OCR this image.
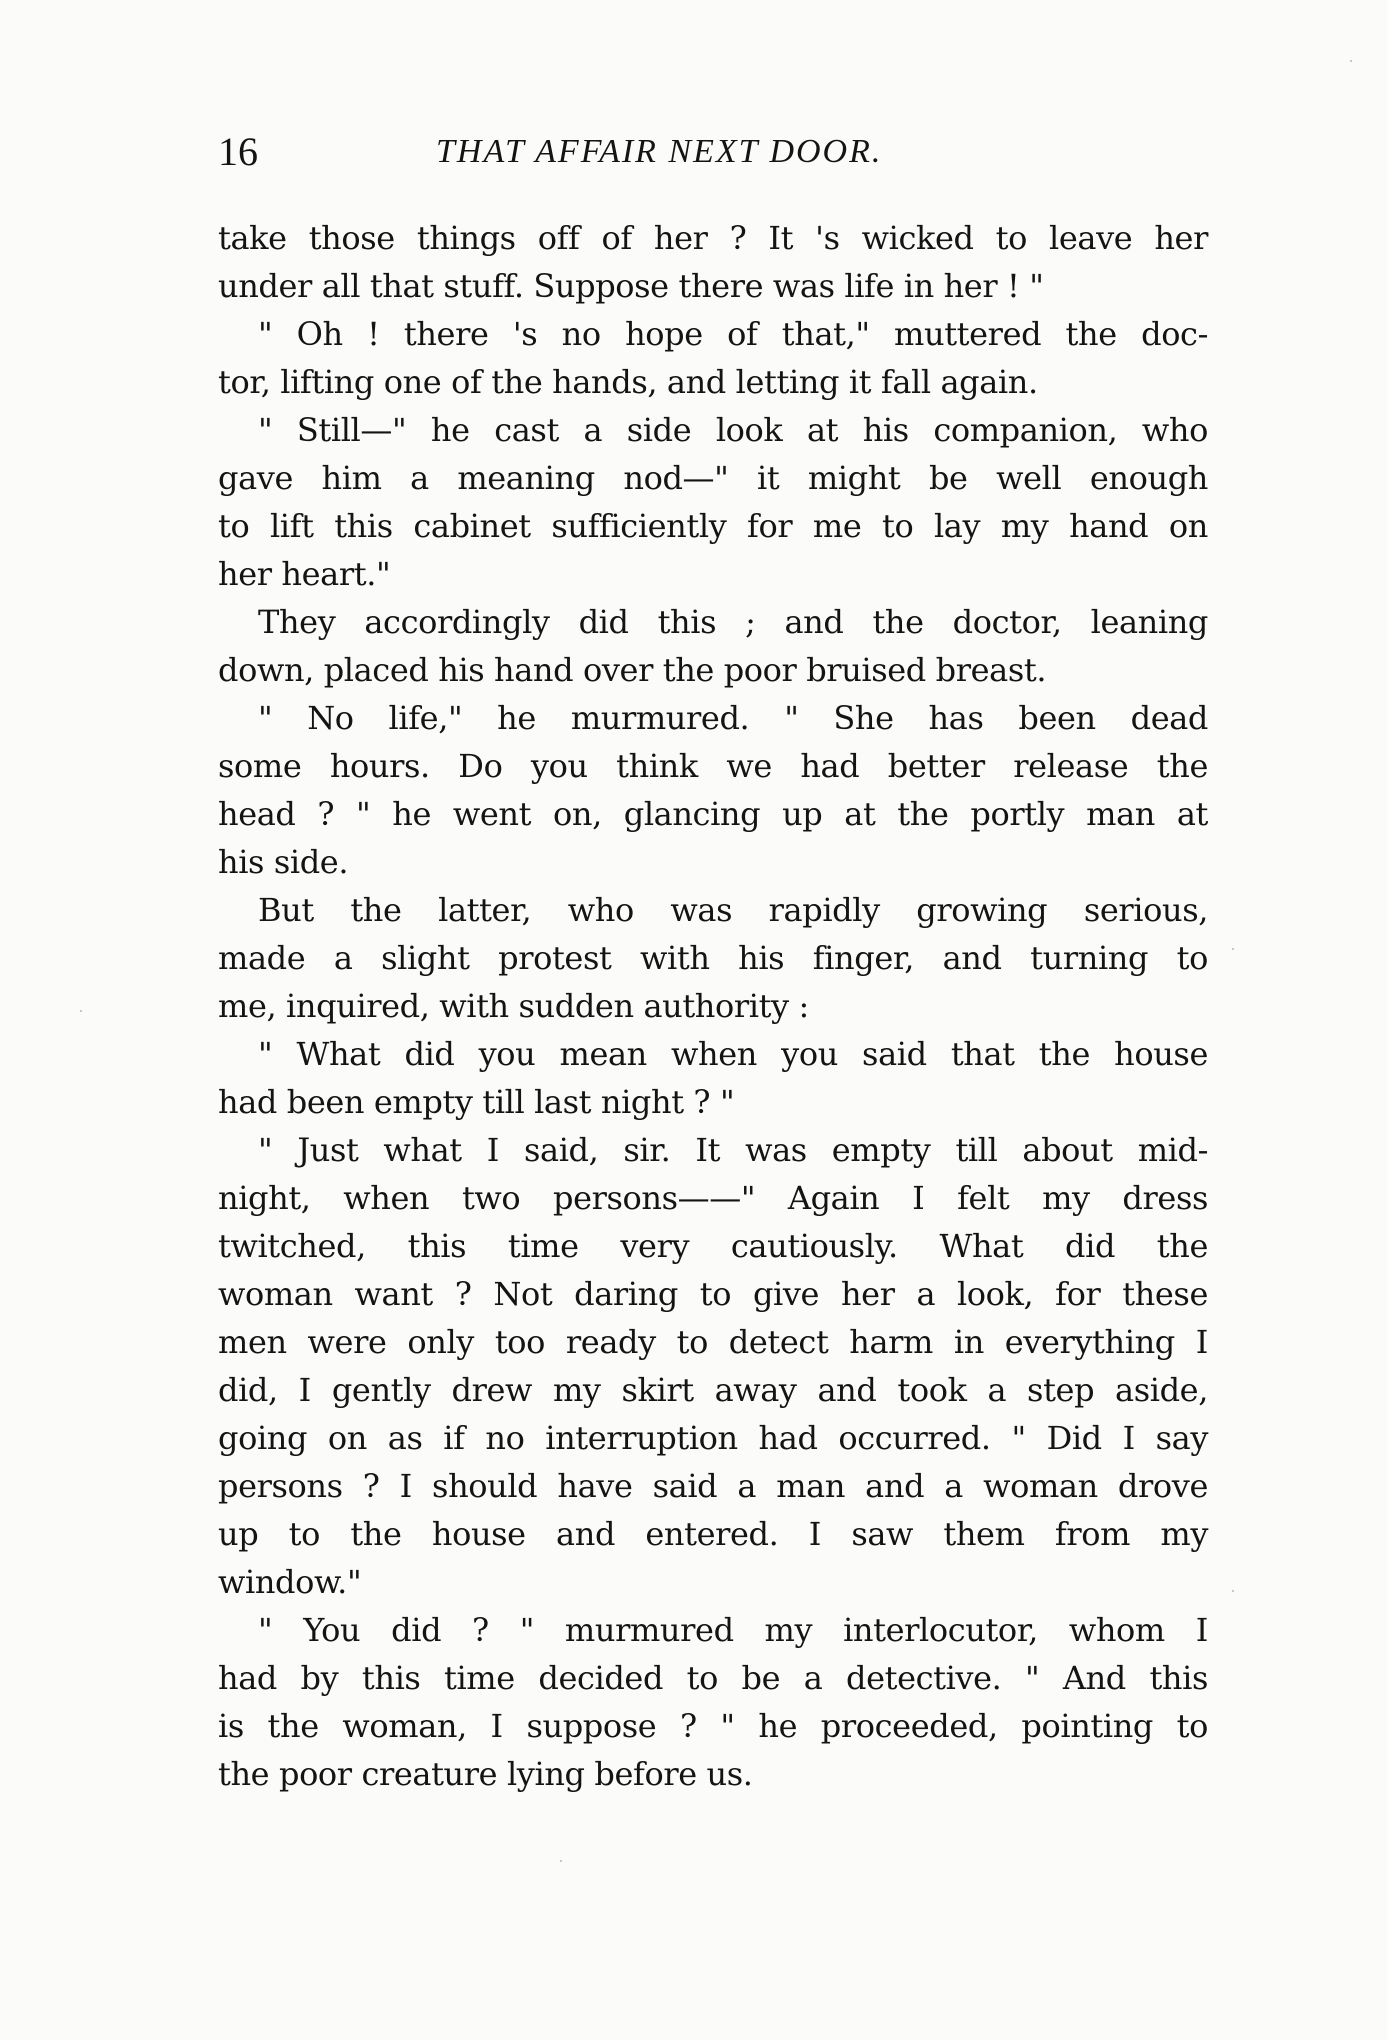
16	THAT AFFAIR NEXT DOOR.
take those things off of her ? It 's wicked to leave her
under all that stuff. Suppose there was life in her ! "
" Oh ! there 's no hope of that," muttered the doc-
tor, lifting one of the hands, and letting it fall again.
" Still—" he cast a side look at his companion, who
gave him a meaning nod—" it might be well enough
to lift this cabinet sufficiently for me to lay my hand on
her heart."
They accordingly did this ; and the doctor, leaning
down, placed his hand over the poor bruised breast.
" No life," he murmured. " She has been dead
some hours. Do you think we had better release the
head ? " he went on, glancing up at the portly man at
his side.
But the latter, who was rapidly growing serious,
made a slight protest with his finger, and turning to
me, inquired, with sudden authority :
" What did you mean when you said that the house
had been empty till last night ? "
" Just what I said, sir. It was empty till about mid-
night, when two persons——" Again I felt my dress
twitched, this time very cautiously. What did the
woman want ? Not daring to give her a look, for these
men were only too ready to detect harm in everything I
did, I gently drew my skirt away and took a step aside,
going on as if no interruption had occurred. " Did I say
persons ? I should have said a man and a woman drove
up to the house and entered. I saw them from my
window."
" You did ? " murmured my interlocutor, whom I
had by this time decided to be a detective. " And this
is the woman, I suppose ? " he proceeded, pointing to
the poor creature lying before us.
